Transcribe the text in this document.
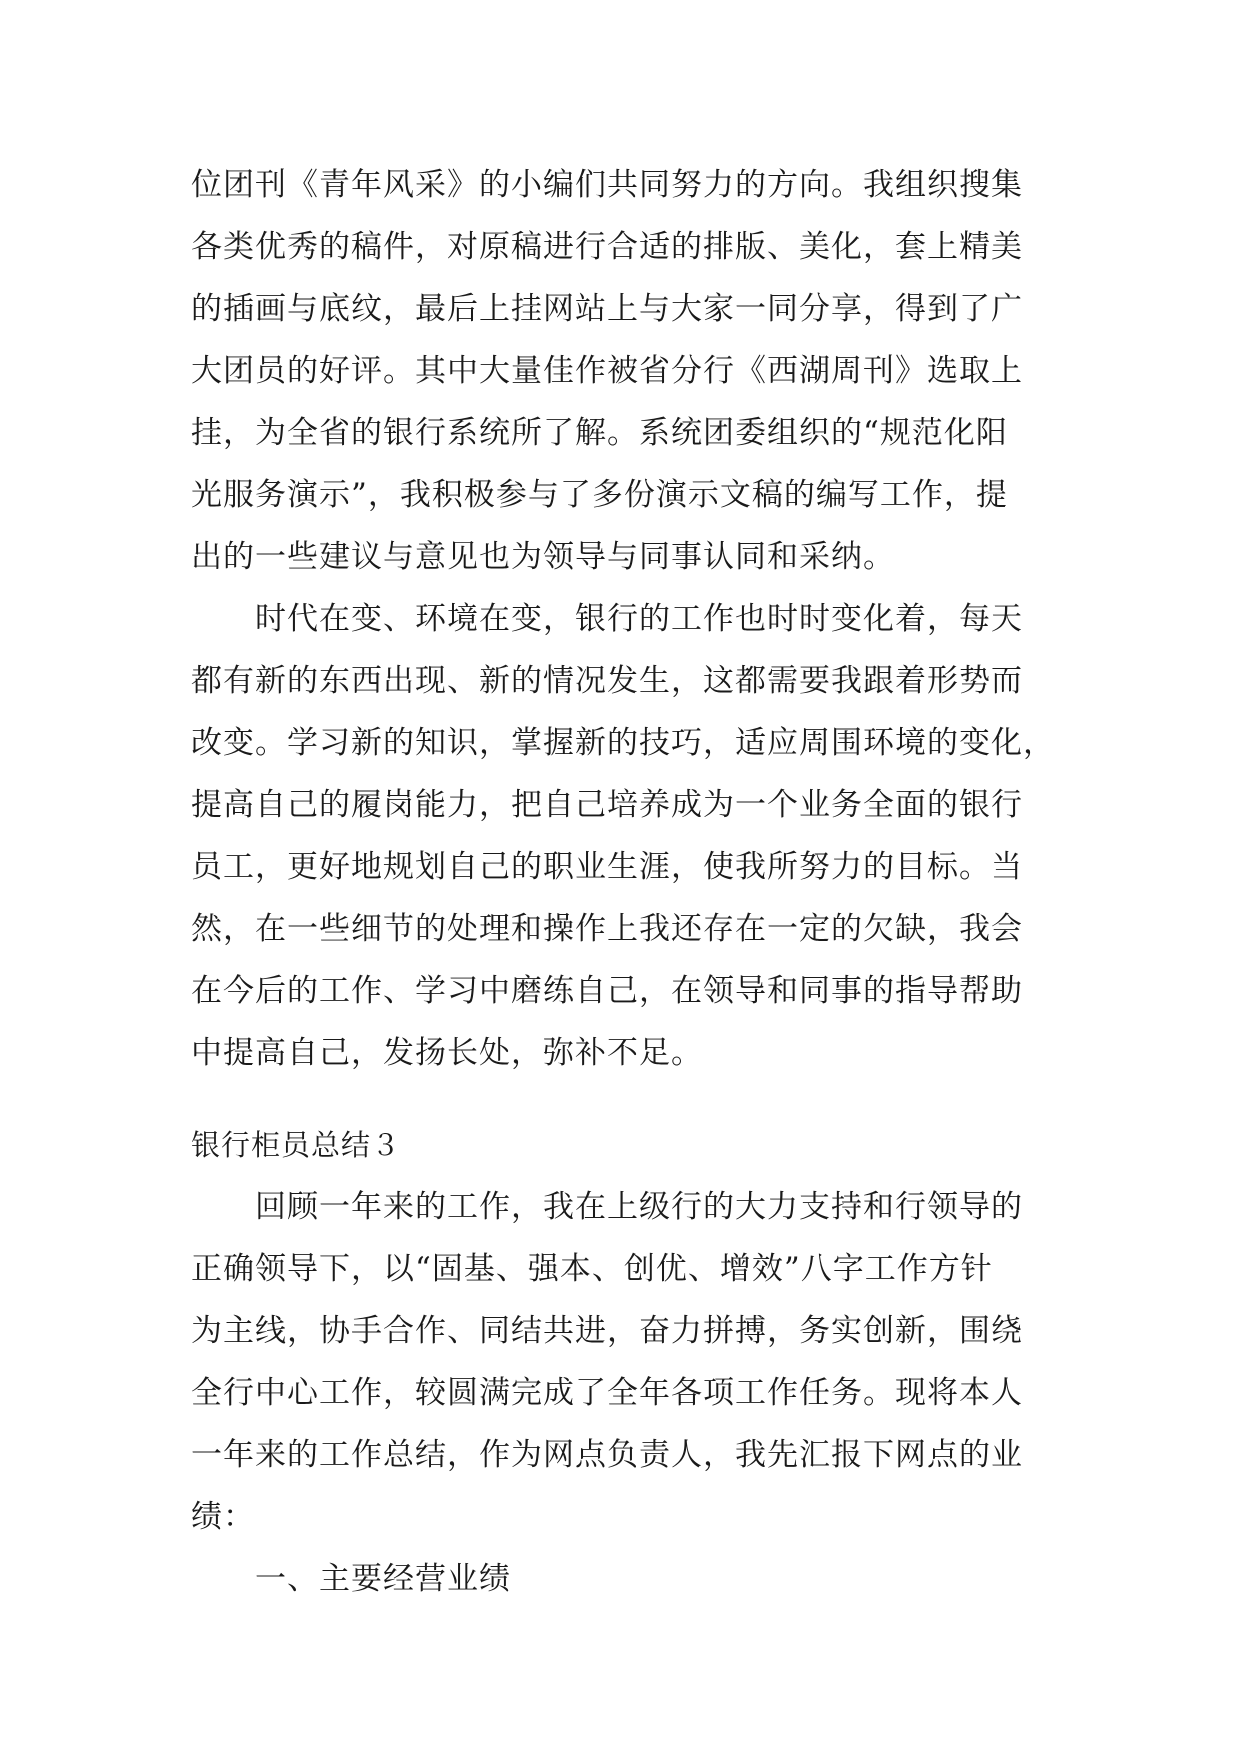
位团刊《青年风采》的小编们共同努力的方向。我组织搜集
各类优秀的稿件，对原稿进行合适的排版、美化，套上精美
的插画与底纹，最后上挂网站上与大家一同分享，得到了广
大团员的好评。其中大量佳作被省分行《西湖周刊》选取上
挂，为全省的银行系统所了解。系统团委组织的“规范化阳
光服务演示”，我积极参与了多份演示文稿的编写工作，提
出的一些建议与意见也为领导与同事认同和采纳。
时代在变、环境在变，银行的工作也时时变化着，每天
都有新的东西出现、新的情况发生，这都需要我跟着形势而
改变。学习新的知识，掌握新的技巧，适应周围环境的变化，
提高自己的履岗能力，把自己培养成为一个业务全面的银行
员工，更好地规划自己的职业生涯，使我所努力的目标。当
然，在一些细节的处理和操作上我还存在一定的欠缺，我会
在今后的工作、学习中磨练自己，在领导和同事的指导帮助
中提高自己，发扬长处，弥补不足。
银行柜员总结３
回顾一年来的工作，我在上级行的大力支持和行领导的
正确领导下，以“固基、强本、创优、增效”八字工作方针
为主线，协手合作、同结共进，奋力拼搏，务实创新，围绕
全行中心工作，较圆满完成了全年各项工作任务。现将本人
一年来的工作总结，作为网点负责人，我先汇报下网点的业
绩：
一、主要经营业绩
